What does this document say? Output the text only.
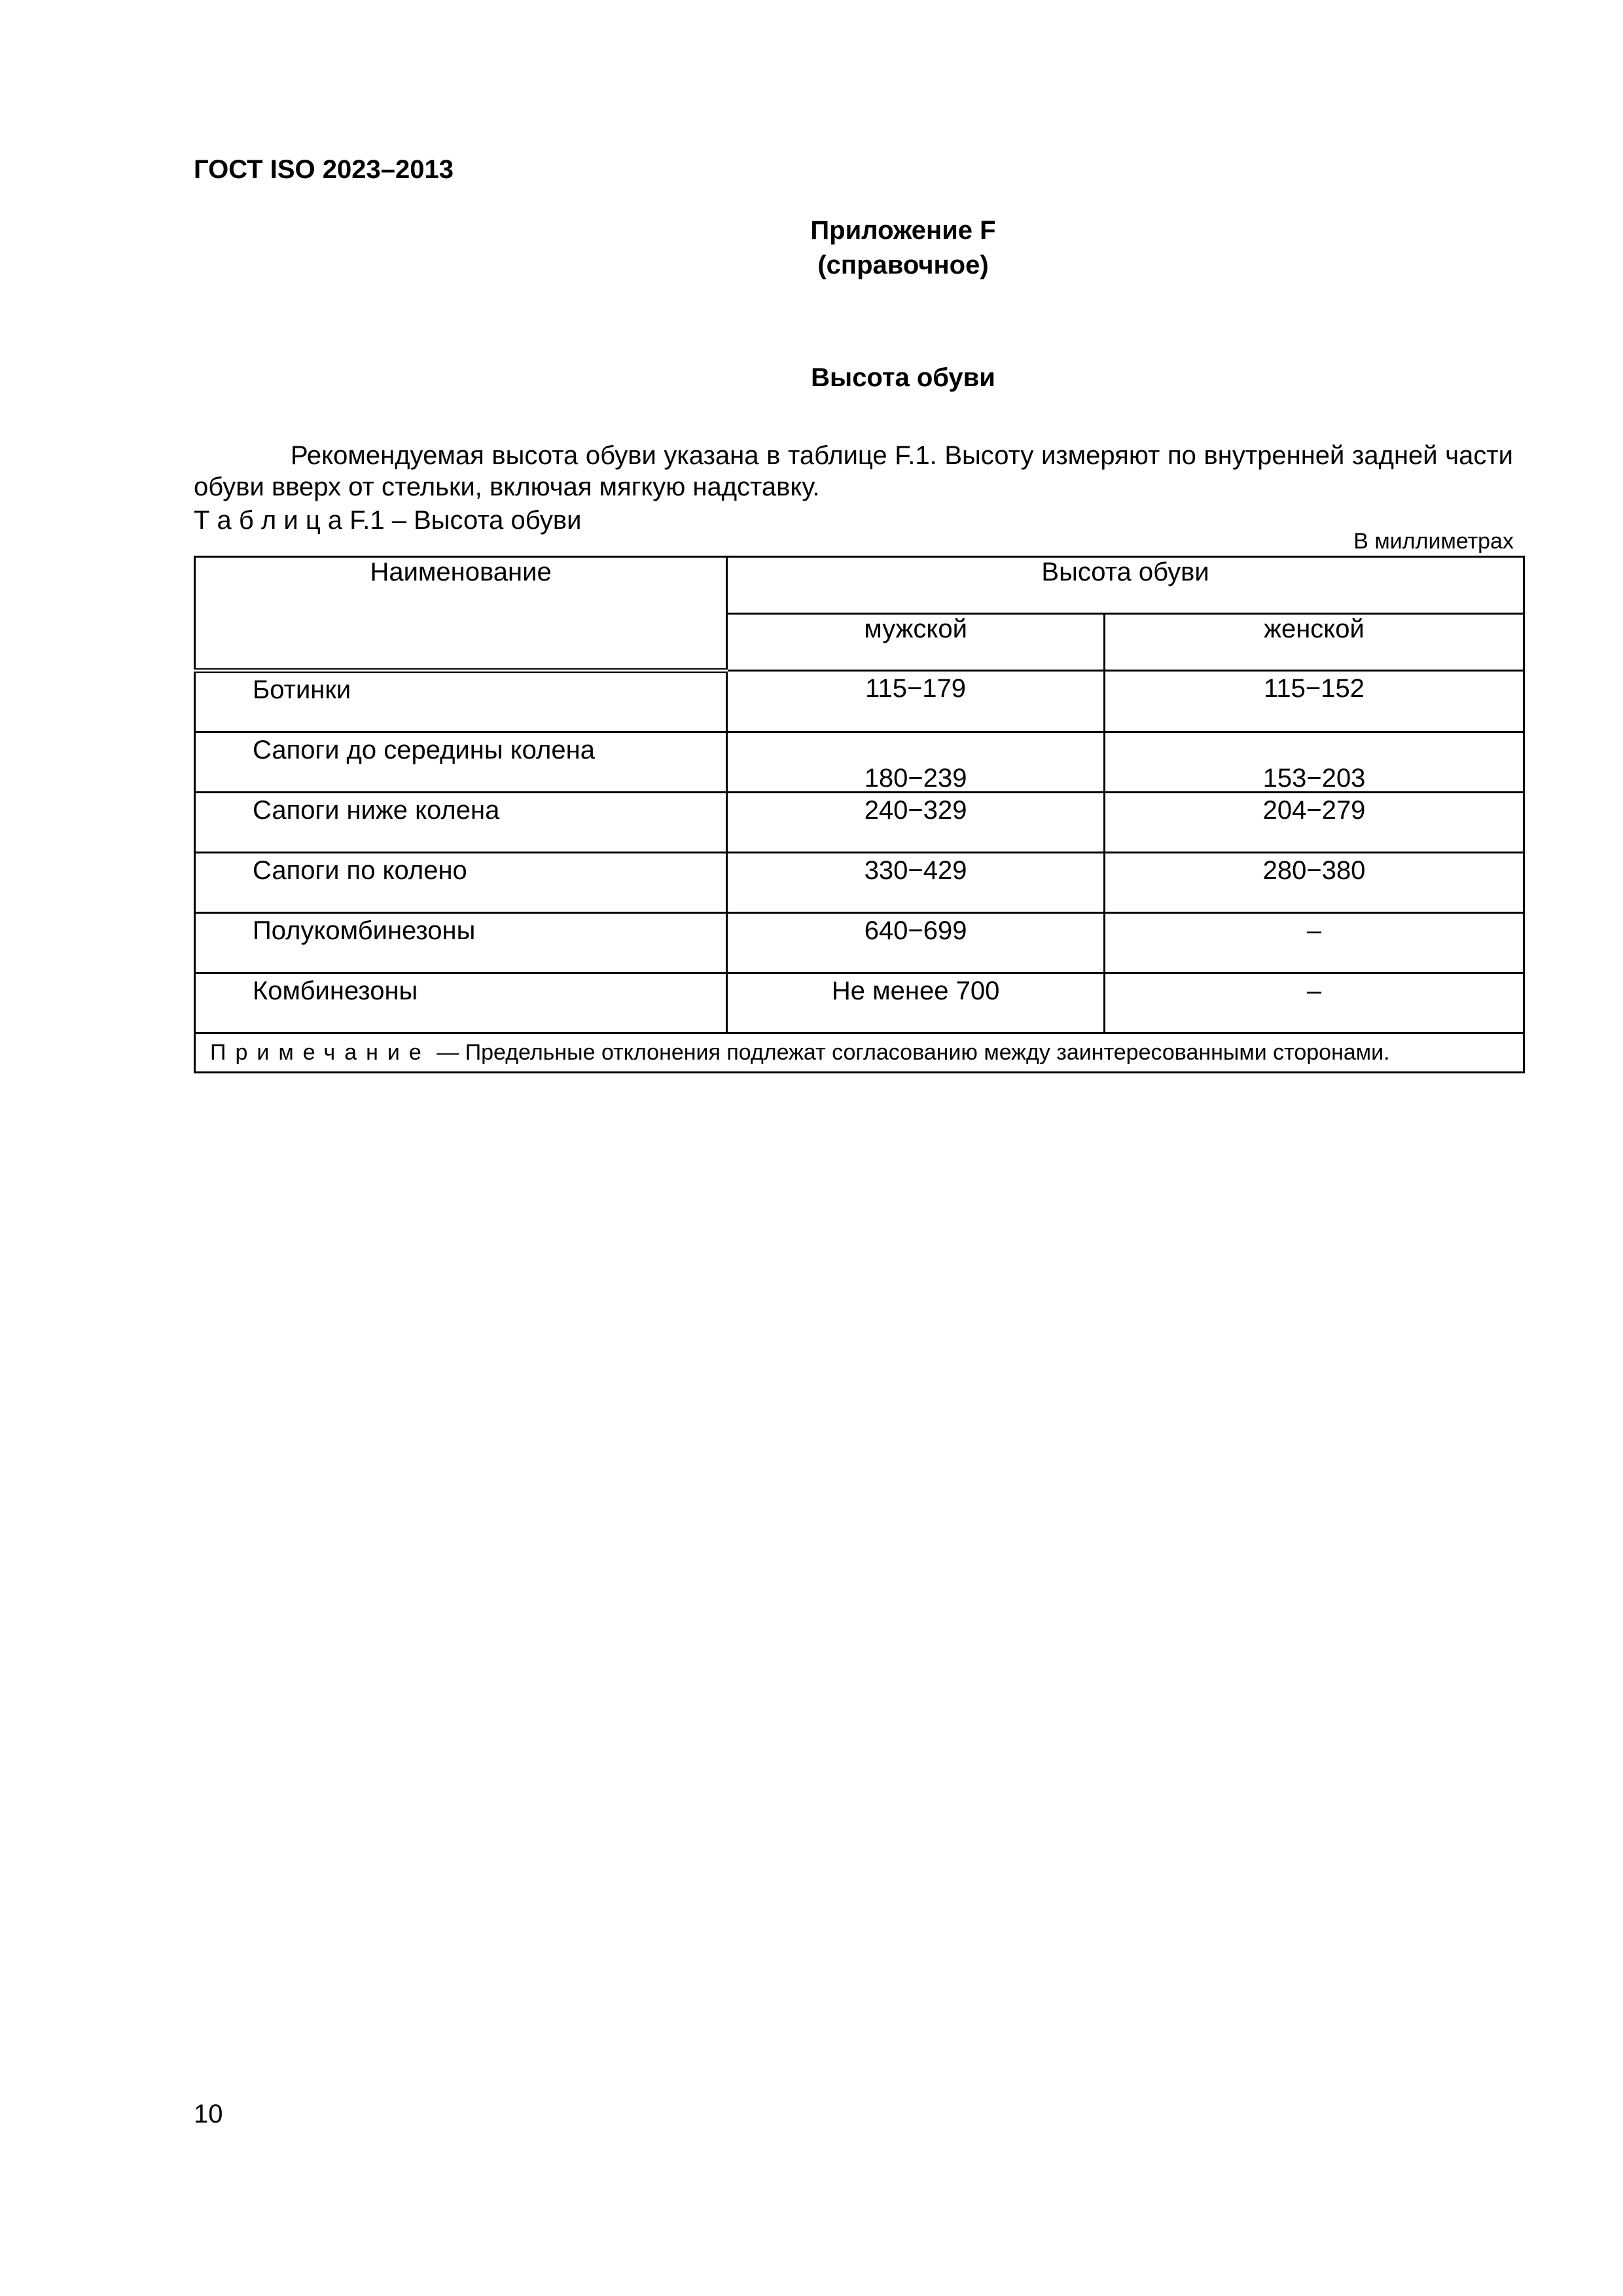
ГОСТ ISO 2023–2013
Приложение F
(справочное)
Высота обуви
Рекомендуемая высота обуви указана в таблице F.1. Высоту измеряют по внутренней задней части обуви вверх от стельки, включая мягкую надставку.
Т а б л и ц а F.1 – Высота обуви
В миллиметрах
Наименование	Высота обуви	
	мужской	женской
Ботинки	115−179	115−152
Сапоги до середины колена	180−239	153−203
Сапоги ниже колена	240−329	204−279
Сапоги по колено	330−429	280−380
Полукомбинезоны	640−699	–
Комбинезоны	Не менее 700	–
Примечание — Предельные отклонения подлежат согласованию между заинтересованными сторонами.		
10
